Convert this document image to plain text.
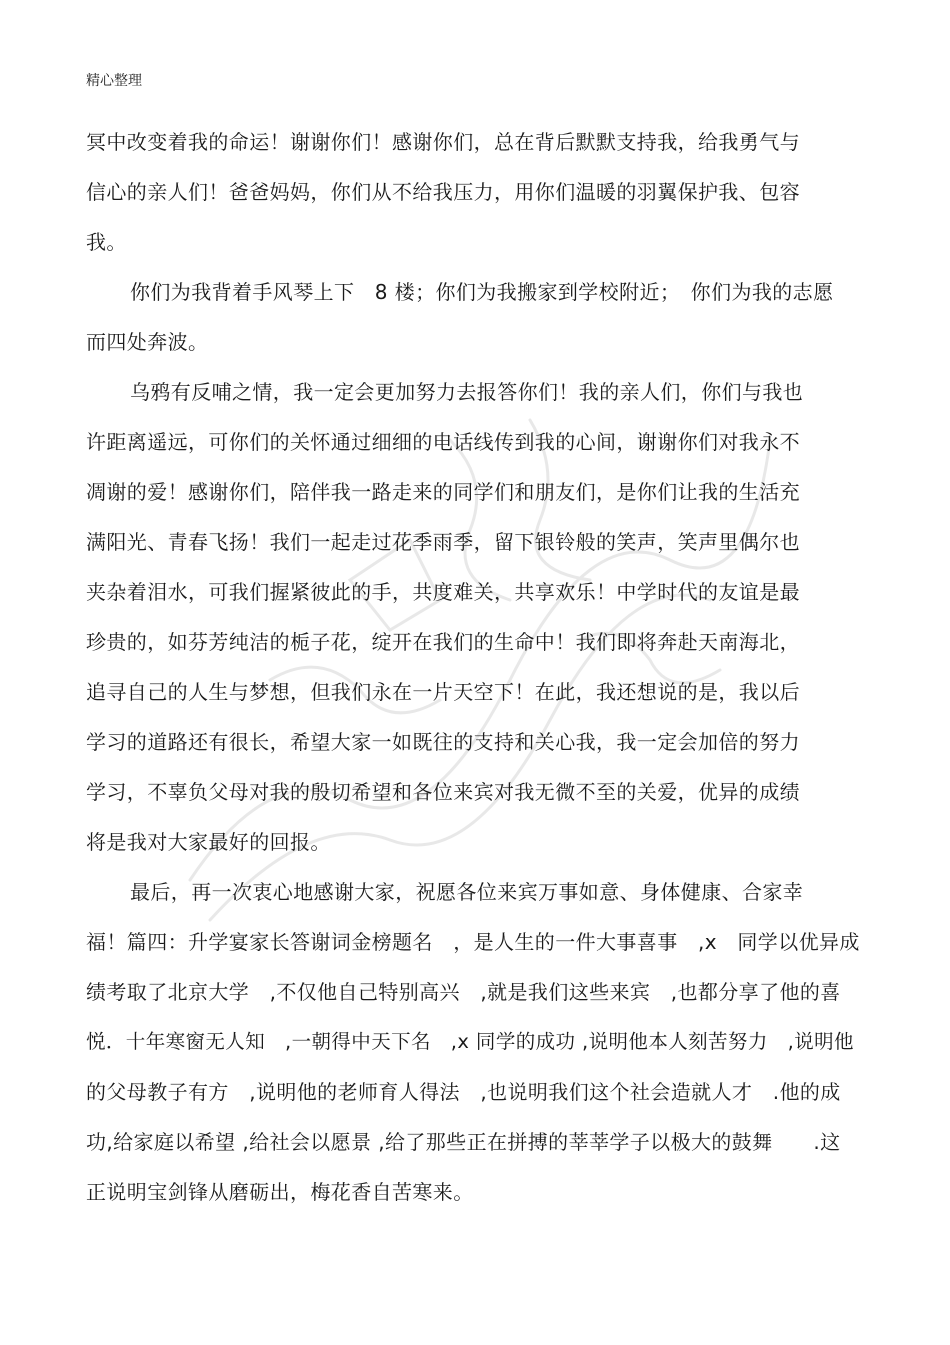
精心整理
冥中改变着我的命运！谢谢你们！感谢你们，总在背后默默支持我，给我勇气与
信心的亲人们！爸爸妈妈，你们从不给我压力，用你们温暖的羽翼保护我、包容
我。
你们为我背着手风琴上下　8 楼；你们为我搬家到学校附近；　你们为我的志愿
而四处奔波。
乌鸦有反哺之情，我一定会更加努力去报答你们！我的亲人们，你们与我也
许距离遥远，可你们的关怀通过细细的电话线传到我的心间，谢谢你们对我永不
凋谢的爱！感谢你们，陪伴我一路走来的同学们和朋友们，是你们让我的生活充
满阳光、青春飞扬！我们一起走过花季雨季，留下银铃般的笑声，笑声里偶尔也
夹杂着泪水，可我们握紧彼此的手，共度难关，共享欢乐！中学时代的友谊是最
珍贵的，如芬芳纯洁的栀子花，绽开在我们的生命中！我们即将奔赴天南海北，
追寻自己的人生与梦想，但我们永在一片天空下！在此，我还想说的是，我以后
学习的道路还有很长，希望大家一如既往的支持和关心我，我一定会加倍的努力
学习，不辜负父母对我的殷切希望和各位来宾对我无微不至的关爱，优异的成绩
将是我对大家最好的回报。
最后，再一次衷心地感谢大家，祝愿各位来宾万事如意、身体健康、合家幸
福！篇四：升学宴家长答谢词金榜题名　，是人生的一件大事喜事　,x　同学以优异成
绩考取了北京大学　,不仅他自己特别高兴　,就是我们这些来宾　,也都分享了他的喜
悦．十年寒窗无人知　,一朝得中天下名　,x 同学的成功 ,说明他本人刻苦努力　,说明他
的父母教子有方　,说明他的老师育人得法　,也说明我们这个社会造就人才　.他的成
功,给家庭以希望 ,给社会以愿景 ,给了那些正在拼搏的莘莘学子以极大的鼓舞　　.这
正说明宝剑锋从磨砺出，梅花香自苦寒来。
